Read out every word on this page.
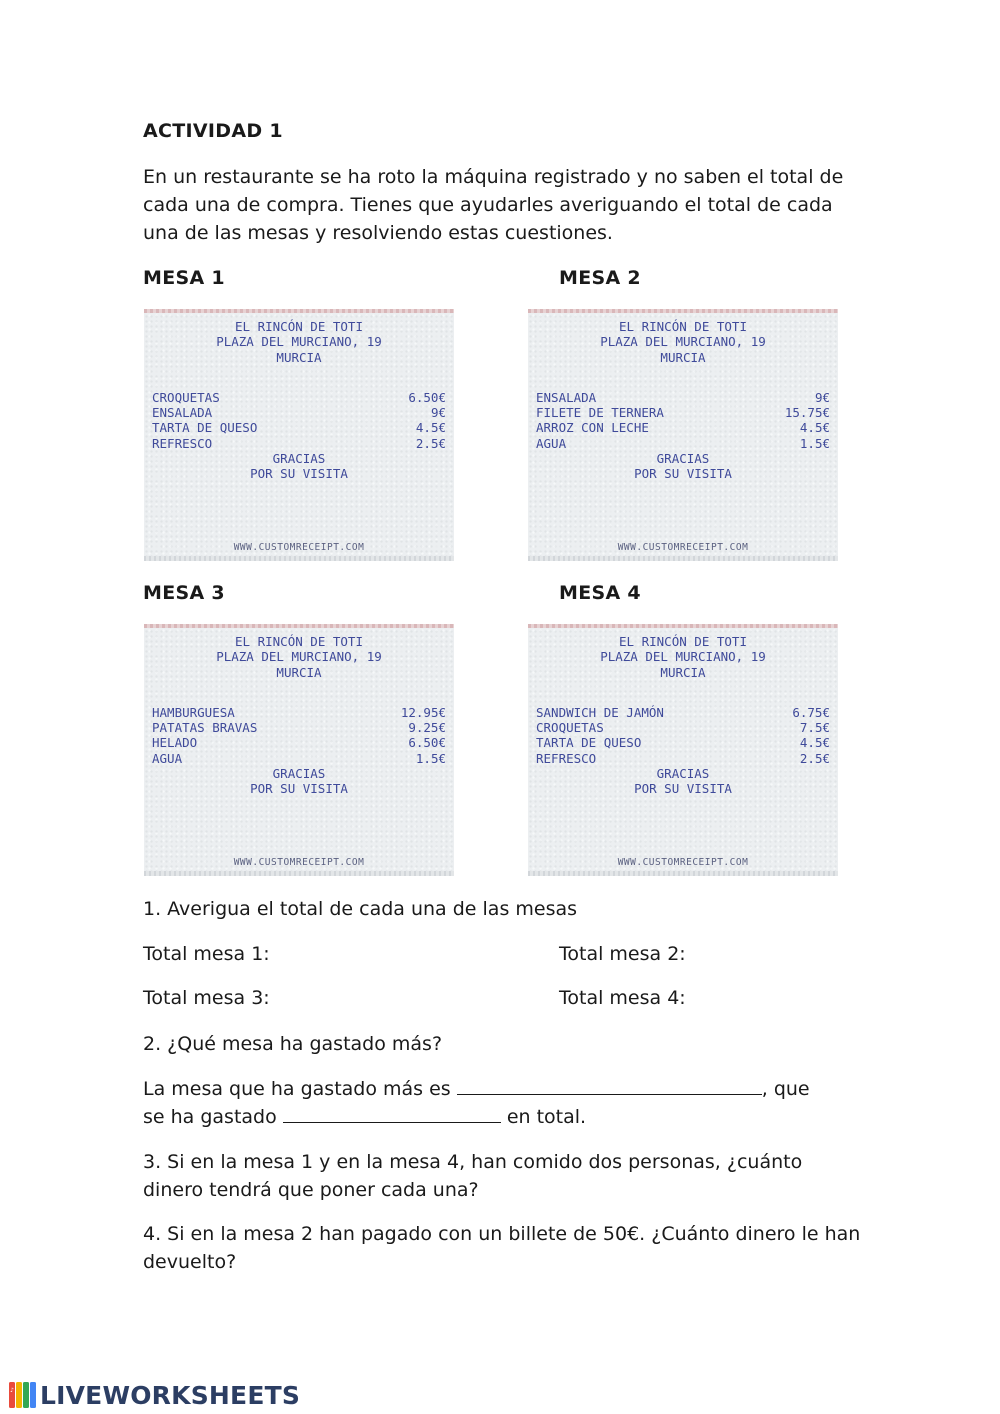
ACTIVIDAD 1
En un restaurante se ha roto la máquina registrado y no saben el total de cada una de compra. Tienes que ayudarles averiguando el total de cada una de las mesas y resolviendo estas cuestiones.
MESA 1	MESA 2
MESA 3	MESA 4
EL RINCÓN DE TOTI
PLAZA DEL MURCIANO, 19
MURCIA
CROQUETAS	6.50€
ENSALADA	9€
TARTA DE QUESO	4.5€
REFRESCO	2.5€
GRACIAS
POR SU VISITA
WWW.CUSTOMRECEIPT.COM
EL RINCÓN DE TOTI
PLAZA DEL MURCIANO, 19
MURCIA
ENSALADA	9€
FILETE DE TERNERA	15.75€
ARROZ CON LECHE	4.5€
AGUA	1.5€
GRACIAS
POR SU VISITA
WWW.CUSTOMRECEIPT.COM
EL RINCÓN DE TOTI
PLAZA DEL MURCIANO, 19
MURCIA
HAMBURGUESA	12.95€
PATATAS BRAVAS	9.25€
HELADO	6.50€
AGUA	1.5€
GRACIAS
POR SU VISITA
WWW.CUSTOMRECEIPT.COM
EL RINCÓN DE TOTI
PLAZA DEL MURCIANO, 19
MURCIA
SANDWICH DE JAMÓN	6.75€
CROQUETAS	7.5€
TARTA DE QUESO	4.5€
REFRESCO	2.5€
GRACIAS
POR SU VISITA
WWW.CUSTOMRECEIPT.COM
1. Averigua el total de cada una de las mesas
Total mesa 1:	Total mesa 2:
Total mesa 3:	Total mesa 4:
2. ¿Qué mesa ha gastado más?
La mesa que ha gastado más es	, que
se ha gastado	en total.
3. Si en la mesa 1 y en la mesa 4, han comido dos personas, ¿cuánto dinero tendrá que poner cada una?
4. Si en la mesa 2 han pagado con un billete de 50€. ¿Cuánto dinero le han devuelto?
♪ LIVEWORKSHEETS
